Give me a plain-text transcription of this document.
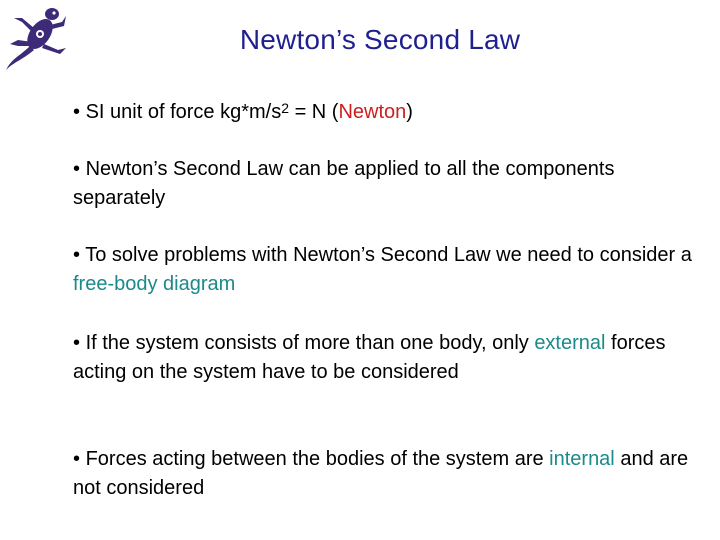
Newton’s Second Law
• SI unit of force $kg*m/s^2 = N$ (Newton)
• Newton’s Second Law can be applied to all the components separately
• To solve problems with Newton’s Second Law we need to consider a free-body diagram
• If the system consists of more than one body, only external forces acting on the system have to be considered
• Forces acting between the bodies of the system are internal and are not considered
